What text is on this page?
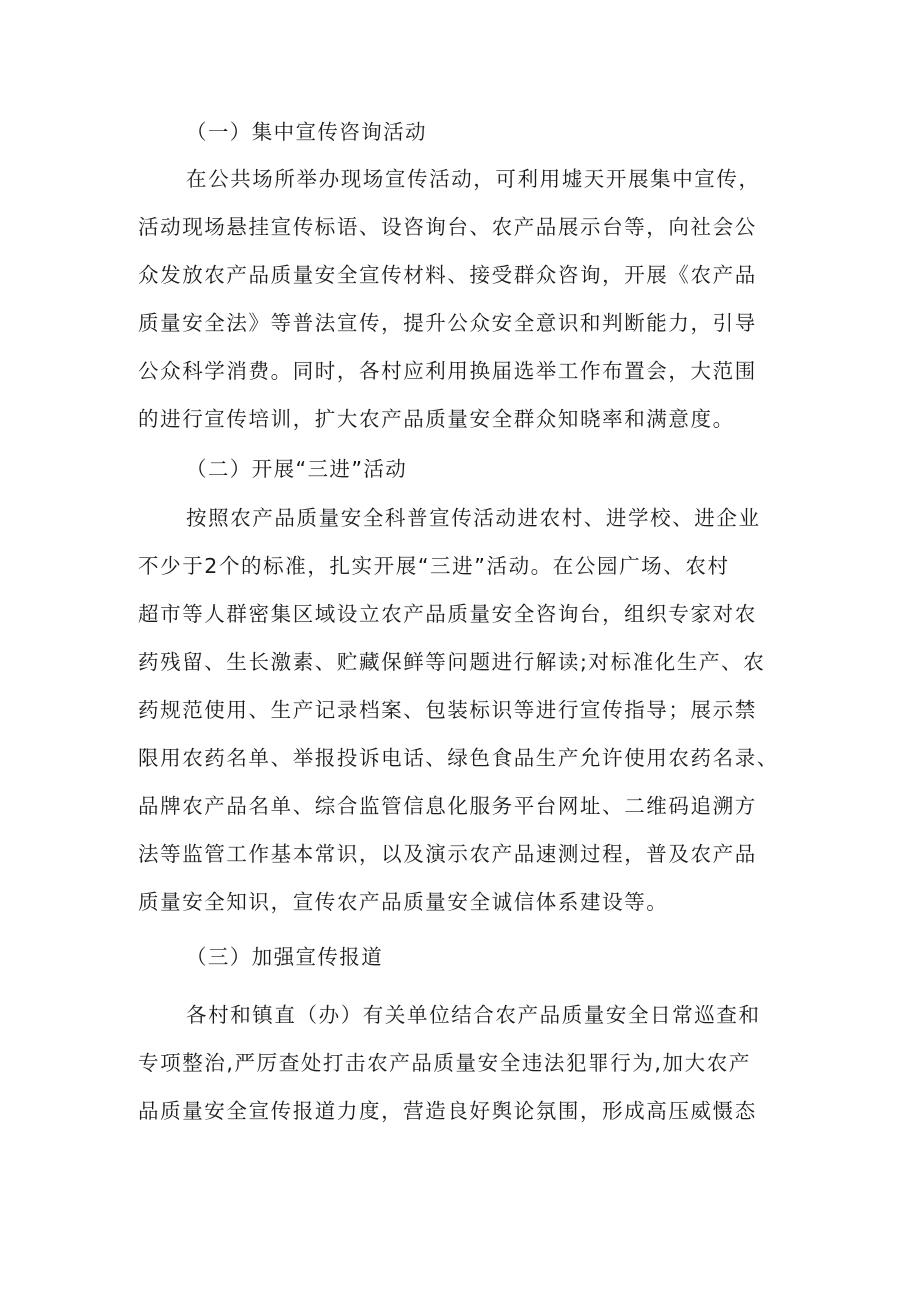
（一）集中宣传咨询活动
在公共场所举办现场宣传活动，可利用墟天开展集中宣传，
活动现场悬挂宣传标语、设咨询台、农产品展示台等，向社会公
众发放农产品质量安全宣传材料、接受群众咨询，开展《农产品
质量安全法》等普法宣传，提升公众安全意识和判断能力，引导
公众科学消费。同时，各村应利用换届选举工作布置会，大范围
的进行宣传培训，扩大农产品质量安全群众知晓率和满意度。
（二）开展“三进”活动
按照农产品质量安全科普宣传活动进农村、进学校、进企业
不少于2个的标准，扎实开展“三进”活动。在公园广场、农村
超市等人群密集区域设立农产品质量安全咨询台，组织专家对农
药残留、生长激素、贮藏保鲜等问题进行解读;对标准化生产、农
药规范使用、生产记录档案、包装标识等进行宣传指导；展示禁
限用农药名单、举报投诉电话、绿色食品生产允许使用农药名录、
品牌农产品名单、综合监管信息化服务平台网址、二维码追溯方
法等监管工作基本常识，以及演示农产品速测过程，普及农产品
质量安全知识，宣传农产品质量安全诚信体系建设等。
（三）加强宣传报道
各村和镇直（办）有关单位结合农产品质量安全日常巡查和
专项整治,严厉查处打击农产品质量安全违法犯罪行为,加大农产
品质量安全宣传报道力度，营造良好舆论氛围，形成高压威慑态
